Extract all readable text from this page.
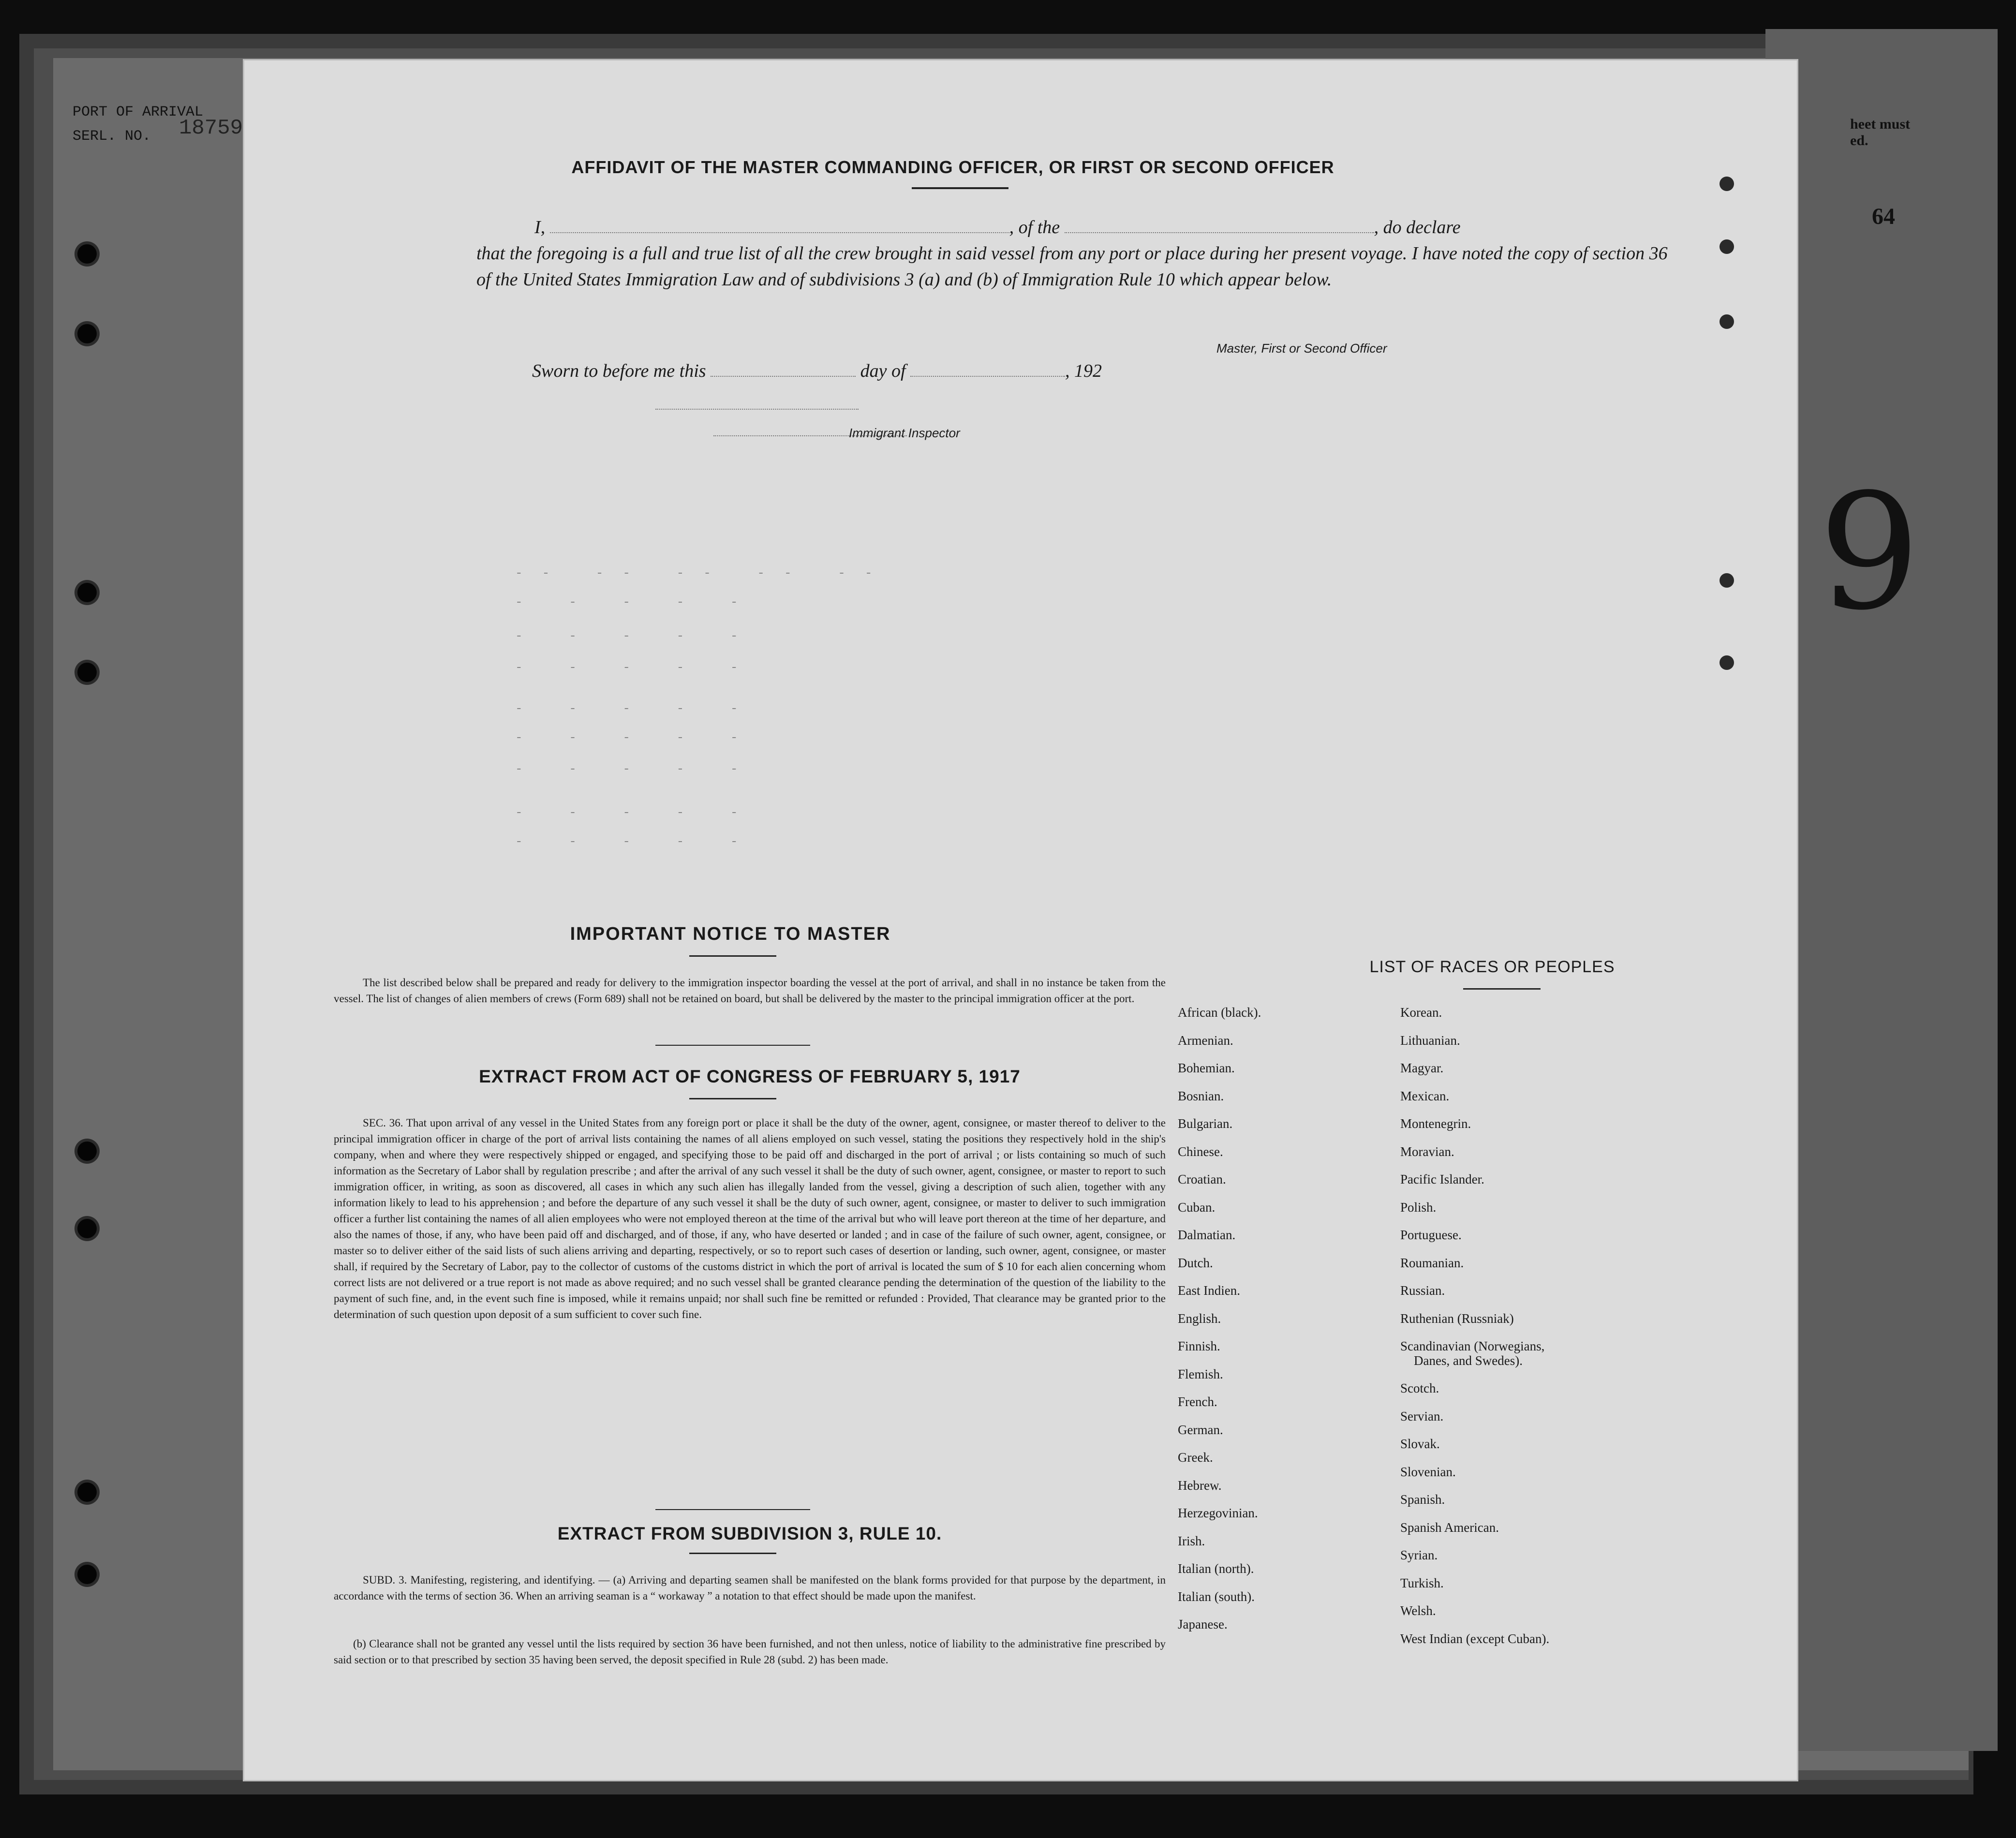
PORT OF ARRIVAL
SERL. NO.	18759	heet must
ed.
64
9
AFFIDAVIT OF THE MASTER COMMANDING OFFICER, OR FIRST OR SECOND OFFICER
I,	, of the	, do declare
that the foregoing is a full and true list of all the crew brought in said vessel from any port or place during her present voyage. I have noted the copy of section 36 of the United States Immigration Law and of subdivisions 3 (a) and (b) of Immigration Rule 10 which appear below.
Master, First or Second Officer
Sworn to before me this	day of	, 192
Immigrant Inspector
-- -- -- -- --
- - - - -
- - - - -
- - - - -
- - - - -
- - - - -
- - - - -
- - - - -
- - - - -
IMPORTANT NOTICE TO MASTER
The list described below shall be prepared and ready for delivery to the immigration inspector boarding the vessel at the port of arrival, and shall in no instance be taken from the vessel. The list of changes of alien members of crews (Form 689) shall not be retained on board, but shall be delivered by the master to the principal immigration officer at the port.
EXTRACT FROM ACT OF CONGRESS OF FEBRUARY 5, 1917
SEC. 36. That upon arrival of any vessel in the United States from any foreign port or place it shall be the duty of the owner, agent, consignee, or master thereof to deliver to the principal immigration officer in charge of the port of arrival lists containing the names of all aliens employed on such vessel, stating the positions they respectively hold in the ship's company, when and where they were respectively shipped or engaged, and specifying those to be paid off and discharged in the port of arrival ; or lists containing so much of such information as the Secretary of Labor shall by regulation prescribe ; and after the arrival of any such vessel it shall be the duty of such owner, agent, consignee, or master to report to such immigration officer, in writing, as soon as discovered, all cases in which any such alien has illegally landed from the vessel, giving a description of such alien, together with any information likely to lead to his apprehension ; and before the departure of any such vessel it shall be the duty of such owner, agent, consignee, or master to deliver to such immigration officer a further list containing the names of all alien employees who were not employed thereon at the time of the arrival but who will leave port thereon at the time of her departure, and also the names of those, if any, who have been paid off and discharged, and of those, if any, who have deserted or landed ; and in case of the failure of such owner, agent, consignee, or master so to deliver either of the said lists of such aliens arriving and departing, respectively, or so to report such cases of desertion or landing, such owner, agent, consignee, or master shall, if required by the Secretary of Labor, pay to the collector of customs of the customs district in which the port of arrival is located the sum of $ 10 for each alien concerning whom correct lists are not delivered or a true report is not made as above required; and no such vessel shall be granted clearance pending the determination of the question of the liability to the payment of such fine, and, in the event such fine is imposed, while it remains unpaid; nor shall such fine be remitted or refunded : Provided, That clearance may be granted prior to the determination of such question upon deposit of a sum sufficient to cover such fine.
EXTRACT FROM SUBDIVISION 3, RULE 10.
SUBD. 3. Manifesting, registering, and identifying. — (a) Arriving and departing seamen shall be manifested on the blank forms provided for that purpose by the department, in accordance with the terms of section 36. When an arriving seaman is a “ workaway ” a notation to that effect should be made upon the manifest.
(b) Clearance shall not be granted any vessel until the lists required by section 36 have been furnished, and not then unless, notice of liability to the administrative fine prescribed by said section or to that prescribed by section 35 having been served, the deposit specified in Rule 28 (subd. 2) has been made.
LIST OF RACES OR PEOPLES
African (black).
Armenian.
Bohemian.
Bosnian.
Bulgarian.
Chinese.
Croatian.
Cuban.
Dalmatian.
Dutch.
East Indien.
English.
Finnish.
Flemish.
French.
German.
Greek.
Hebrew.
Herzegovinian.
Irish.
Italian (north).
Italian (south).
Japanese.
Korean.
Lithuanian.
Magyar.
Mexican.
Montenegrin.
Moravian.
Pacific Islander.
Polish.
Portuguese.
Roumanian.
Russian.
Ruthenian (Russniak)
Scandinavian (Norwegians,
Danes, and Swedes).
Scotch.
Servian.
Slovak.
Slovenian.
Spanish.
Spanish American.
Syrian.
Turkish.
Welsh.
West Indian (except Cuban).
